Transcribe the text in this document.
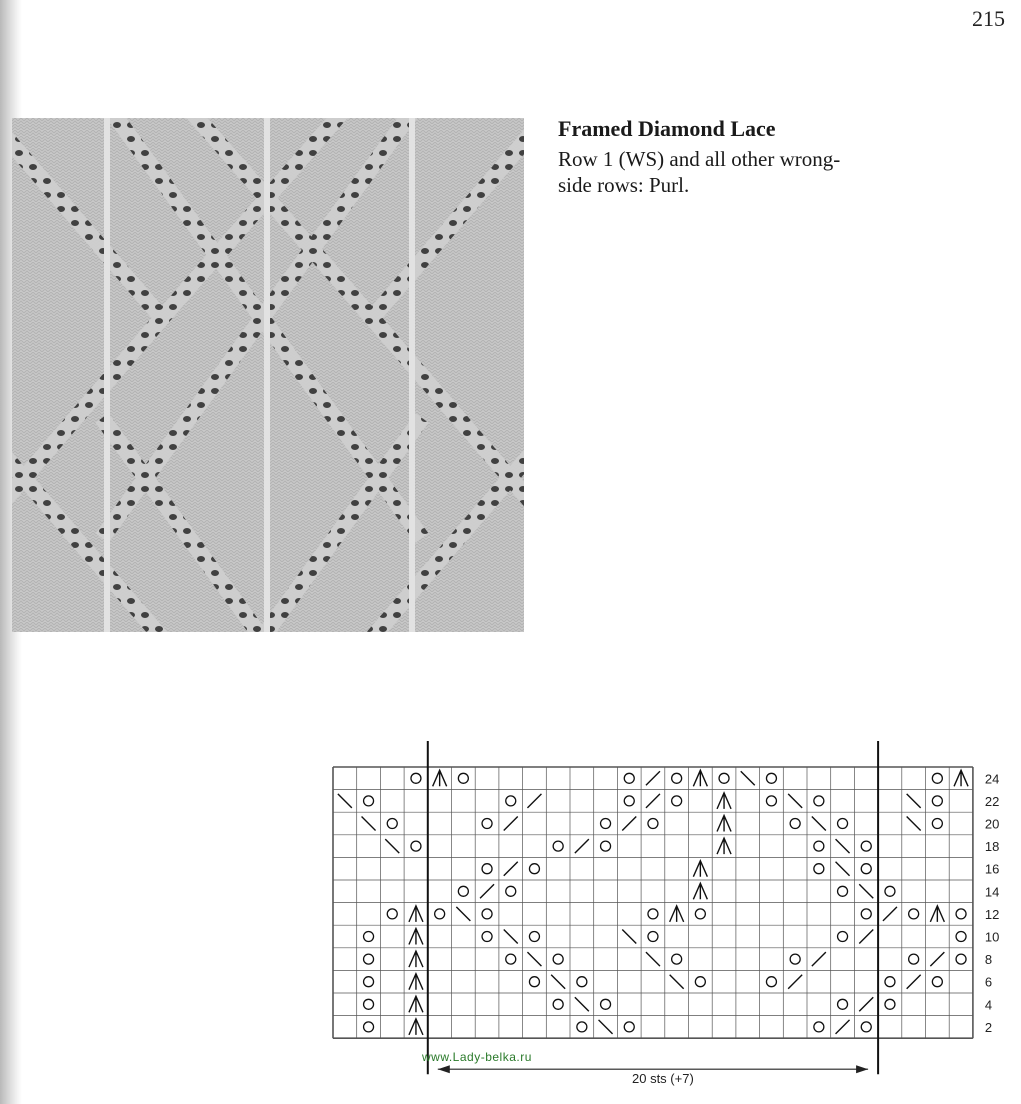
215
Framed Diamond Lace
Row 1 (WS) and all other wrong-side rows: Purl.
24
22
20
18
16
14
12
10
8
6
4
2
www.Lady-belka.ru
20 sts (+7)
